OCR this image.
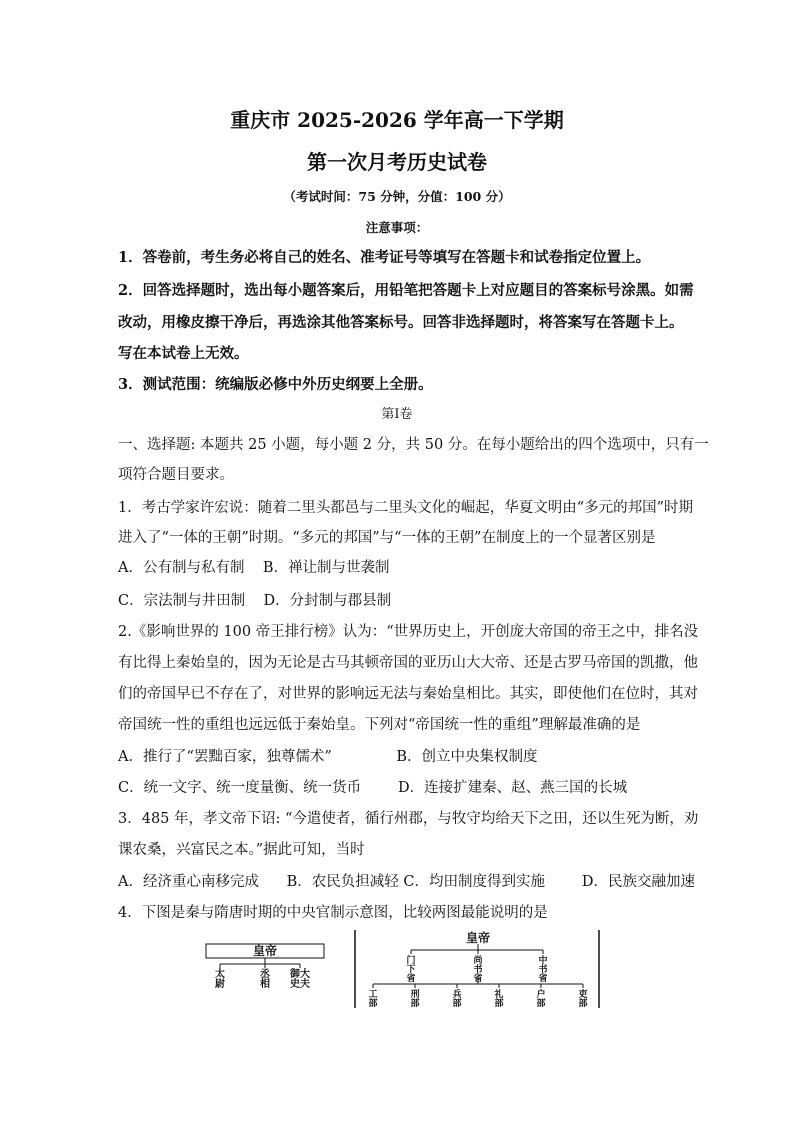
重庆市 2025-2026 学年高一下学期
第一次月考历史试卷
（考试时间：75 分钟，分值：100 分）
注意事项：
1．答卷前，考生务必将自己的姓名、准考证号等填写在答题卡和试卷指定位置上。
2．回答选择题时，选出每小题答案后，用铅笔把答题卡上对应题目的答案标号涂黑。如需
改动，用橡皮擦干净后，再选涂其他答案标号。回答非选择题时，将答案写在答题卡上。
写在本试卷上无效。
3．测试范围：统编版必修中外历史纲要上全册。
第Ⅰ卷
一、选择题: 本题共 25 小题，每小题 2 分，共 50 分。在每小题给出的四个选项中，只有一
项符合题目要求。
1．考古学家许宏说：随着二里头都邑与二里头文化的崛起，华夏文明由“多元的邦国”时期
进入了“一体的王朝”时期。“多元的邦国”与“一体的王朝”在制度上的一个显著区别是
A．公有制与私有制    B．禅让制与世袭制
C．宗法制与井田制    D．分封制与郡县制
2.《影响世界的 100 帝王排行榜》认为：“世界历史上，开创庞大帝国的帝王之中，排名没
有比得上秦始皇的，因为无论是古马其顿帝国的亚历山大大帝、还是古罗马帝国的凯撒，他
们的帝国早已不存在了，对世界的影响远无法与秦始皇相比。其实，即使他们在位时，其对
帝国统一性的重组也远远低于秦始皇。下列对“帝国统一性的重组”理解最准确的是
A．推行了“罢黜百家，独尊儒术”              B．创立中央集权制度
C．统一文字、统一度量衡、统一货币        D．连接扩建秦、赵、燕三国的长城
3．485 年，孝文帝下诏: “今遣使者，循行州郡，与牧守均给天下之田，还以生死为断，劝
课农桑，兴富民之本。”据此可知，当时
A．经济重心南移完成      B．农民负担减轻 C．均田制度得到实施        D．民族交融加速
4．下图是秦与隋唐时期的中央官制示意图，比较两图最能说明的是
皇帝
太尉
丞相
御史大夫
皇帝
门下省
尚书省
中书省
工部
刑部
兵部
礼部
户部
吏部
